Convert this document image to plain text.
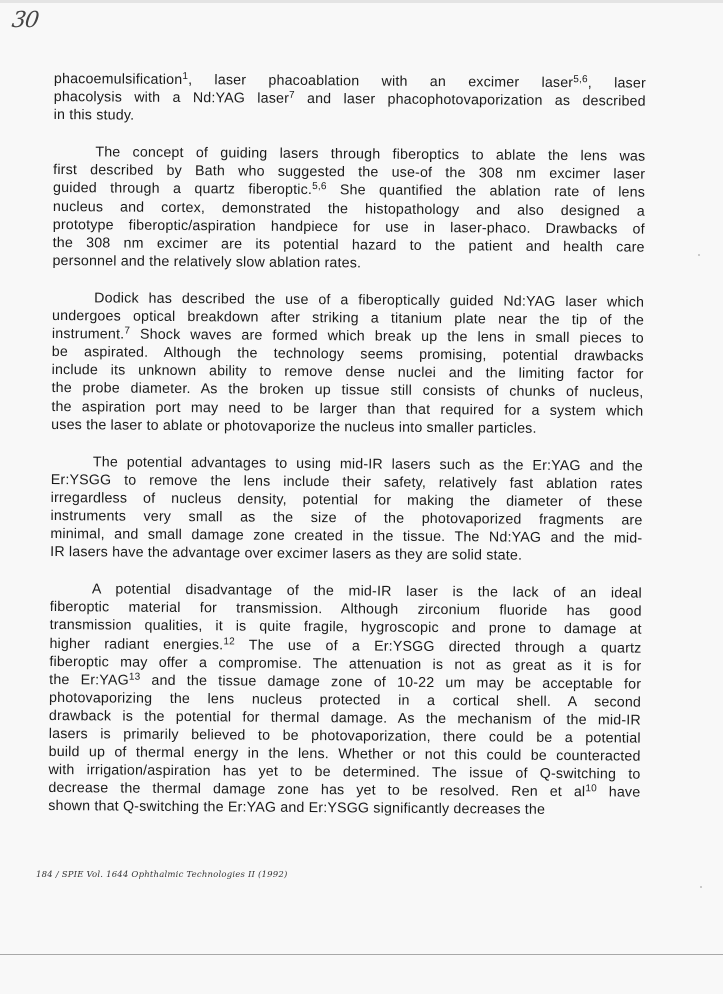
30
phacoemulsification$^1$, laser phacoablation with an excimer laser$^{5,6}$, laser
phacolysis with a Nd:YAG laser$^7$ and laser phacophotovaporization as described
in this study.
The concept of guiding lasers through fiberoptics to ablate the lens was
first described by Bath who suggested the use-of the 308 nm excimer laser
guided through a quartz fiberoptic.$^{5,6}$ She quantified the ablation rate of lens
nucleus and cortex, demonstrated the histopathology and also designed a
prototype fiberoptic/aspiration handpiece for use in laser-phaco. Drawbacks of
the 308 nm excimer are its potential hazard to the patient and health care
personnel and the relatively slow ablation rates.
Dodick has described the use of a fiberoptically guided Nd:YAG laser which
undergoes optical breakdown after striking a titanium plate near the tip of the
instrument.$^7$ Shock waves are formed which break up the lens in small pieces to
be aspirated. Although the technology seems promising, potential drawbacks
include its unknown ability to remove dense nuclei and the limiting factor for
the probe diameter. As the broken up tissue still consists of chunks of nucleus,
the aspiration port may need to be larger than that required for a system which
uses the laser to ablate or photovaporize the nucleus into smaller particles.
The potential advantages to using mid-IR lasers such as the Er:YAG and the
Er:YSGG to remove the lens include their safety, relatively fast ablation rates
irregardless of nucleus density, potential for making the diameter of these
instruments very small as the size of the photovaporized fragments are
minimal, and small damage zone created in the tissue. The Nd:YAG and the mid-
IR lasers have the advantage over excimer lasers as they are solid state.
A potential disadvantage of the mid-IR laser is the lack of an ideal
fiberoptic material for transmission. Although zirconium fluoride has good
transmission qualities, it is quite fragile, hygroscopic and prone to damage at
higher radiant energies.$^{12}$ The use of a Er:YSGG directed through a quartz
fiberoptic may offer a compromise. The attenuation is not as great as it is for
the Er:YAG$^{13}$ and the tissue damage zone of 10-22 um may be acceptable for
photovaporizing the lens nucleus protected in a cortical shell. A second
drawback is the potential for thermal damage. As the mechanism of the mid-IR
lasers is primarily believed to be photovaporization, there could be a potential
build up of thermal energy in the lens. Whether or not this could be counteracted
with irrigation/aspiration has yet to be determined. The issue of Q-switching to
decrease the thermal damage zone has yet to be resolved. Ren et $al^{10}$ have
shown that Q-switching the Er:YAG and Er:YSGG significantly decreases the
184 / SPIE Vol. 1644 Ophthalmic Technologies II (1992)
